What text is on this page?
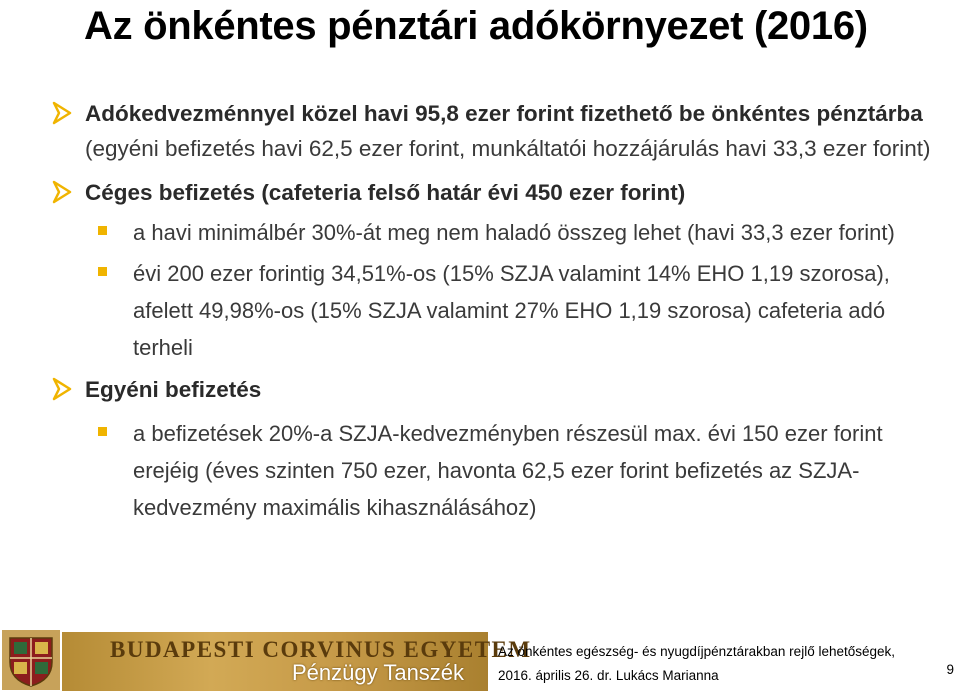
Az önkéntes pénztári adókörnyezet (2016)
Adókedvezménnyel közel havi 95,8 ezer forint fizethető be önkéntes pénztárba (egyéni befizetés havi 62,5 ezer forint, munkáltatói hozzájárulás havi 33,3 ezer forint)
Céges befizetés (cafeteria felső határ évi 450 ezer forint)
a havi minimálbér 30%-át meg nem haladó összeg lehet (havi 33,3 ezer forint)
évi 200 ezer forintig 34,51%-os (15% SZJA valamint 14% EHO 1,19 szorosa), afelett 49,98%-os (15% SZJA valamint 27% EHO 1,19 szorosa) cafeteria adó terheli
Egyéni befizetés
a befizetések 20%-a SZJA-kedvezményben részesül max. évi 150 ezer forint erejéig (éves szinten 750 ezer, havonta 62,5 ezer forint befizetés az SZJA-kedvezmény maximális kihasználásához)
BUDAPESTI CORVINUS EGYETEM
Pénzügy Tanszék
Az önkéntes egészség- és nyugdíjpénztárakban rejlő lehetőségek,
2016. április 26. dr. Lukács Marianna	9
